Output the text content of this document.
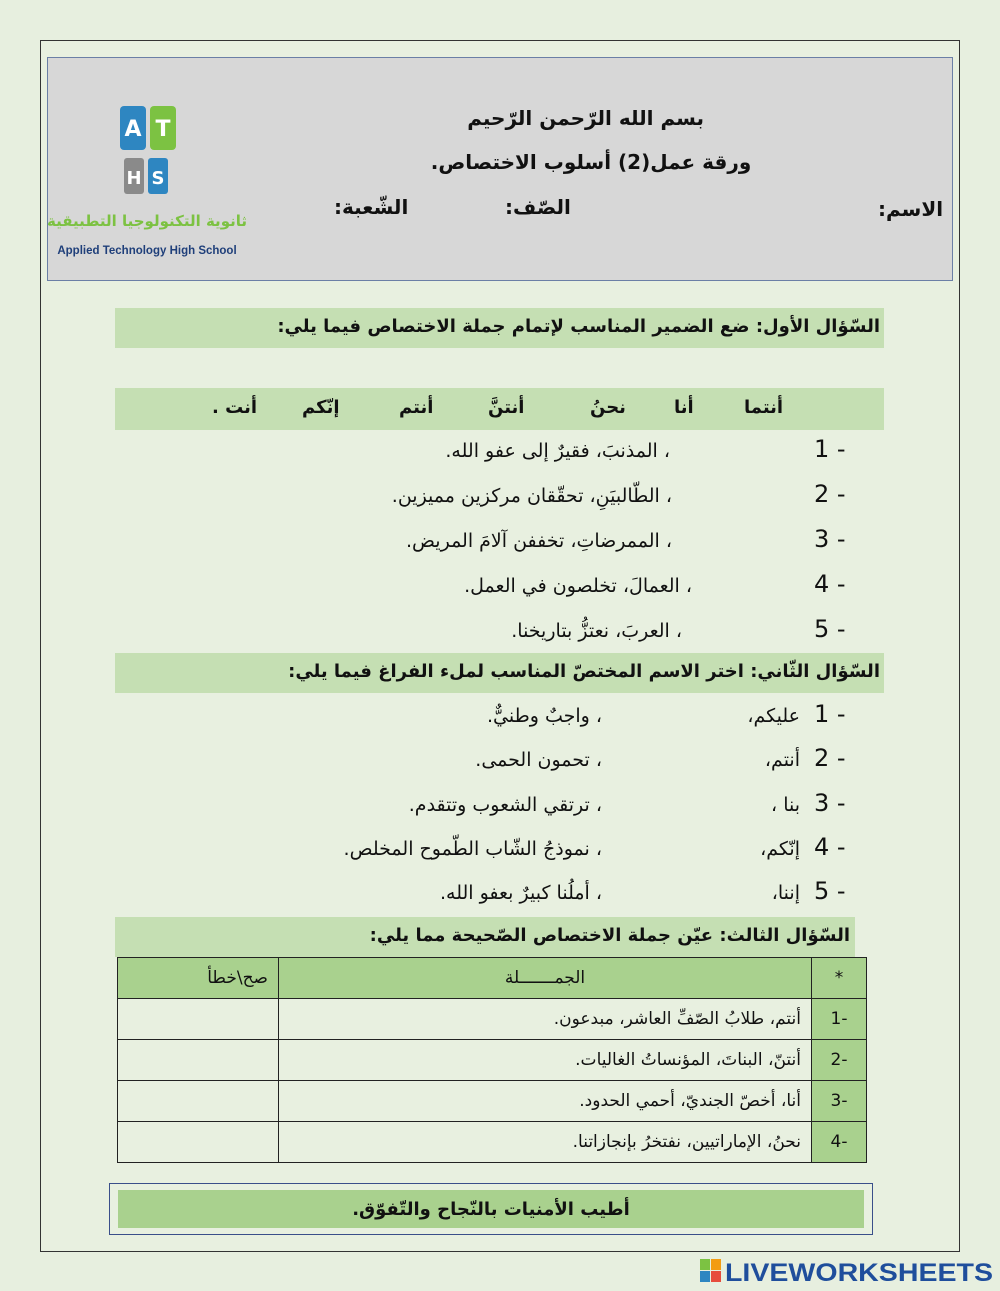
بسم الله الرّحمن الرّحيم
ورقة عمل(2) أسلوب الاختصاص.
الاسم:
الصّف:
الشّعبة:
A T
H S
ثانوية التكنولوجيا التطبيقية
Applied Technology High School
السّؤال الأول: ضع الضمير المناسب لإتمام جملة الاختصاص فيما يلي:
أنتما
أنا
نحنُ
أنتنَّ
أنتم
إنّكم
أنت .
1 -
، المذنبَ، فقيرٌ إلى عفو الله.
2 -
، الطّالبيَنِ، تحقّقان مركزين مميزين.
3 -
، الممرضاتِ، تخففن آلامَ المريض.
4 -
، العمالَ، تخلصون في العمل.
5 -
، العربَ، نعتزُّ بتاريخنا.
السّؤال الثّاني: اختر الاسم المختصّ المناسب لملء الفراغ فيما يلي:
1 -
عليكم،
، واجبٌ وطنيٌّ.
2 -
أنتم،
، تحمون الحمى.
3 -
بنا ،
، ترتقي الشعوب وتتقدم.
4 -
إنّكم،
، نموذجُ الشّاب الطّموح المخلص.
5 -
إننا،
، أملُنا كبيرٌ بعفو الله.
السّؤال الثالث: عيّن جملة الاختصاص الصّحيحة مما يلي:
*	الجمـــــــلة	صح\خطأ
-1	أنتم، طلابُ الصّفِّ العاشر، مبدعون.	
-2	أنتنّ، البناتَ، المؤنساتُ الغاليات.	
-3	أنا، أخصّ الجنديّ، أحمي الحدود.	
-4	نحنُ، الإماراتيين، نفتخرُ بإنجازاتنا.	
أطيب الأمنيات بالنّجاح والتّفوّق.
LIVEWORKSHEETS
